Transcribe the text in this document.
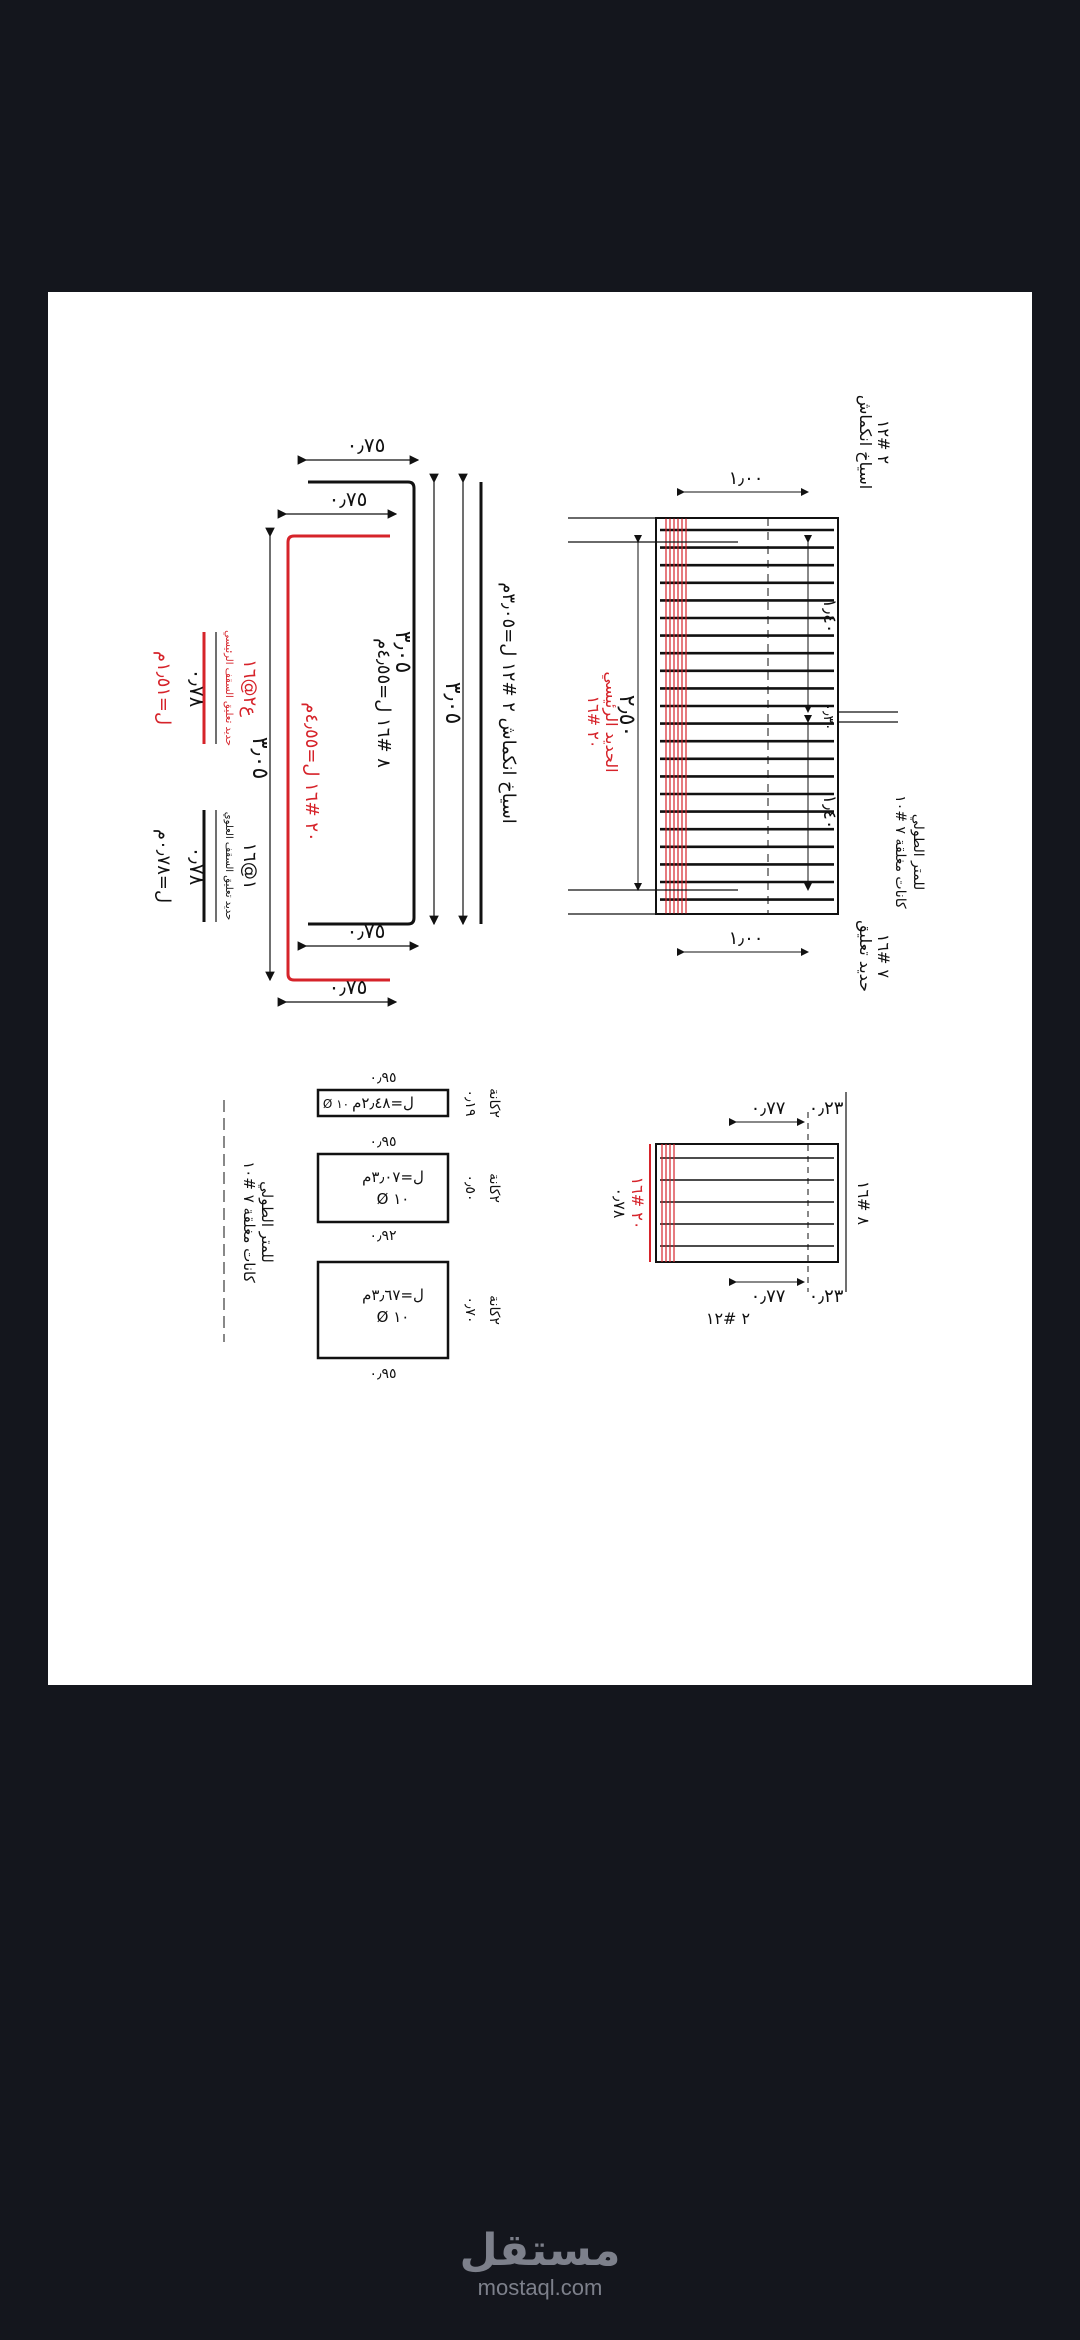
اسياخ انكماش ٢ #١٢ ل=٣٫٠٥م
٣٫٠٥
٠٫٧٥
٠٫٧٥
٨ #١٦ ل=٤٫٥٥م
٣٫٠٥
٠٫٧٥
٠٫٧٥
٢٠ #١٦ ل=٤٫٥٥م
٣٫٠٥
٠٫٧٨ حديد تعليق السقف الرئيسي ع٢@١٦
ل=١٫٥١م
٠٫٧٨ حديد تعليق السقف العلوي ١@١٦
ل=٠٫٧٨م
١٫٤٠
١٫٤٠
٠٫٣٠
٢٫٥٠
١٫٠٠
١٫٠٠
اسياخ انكماش ٢ #١٢
حديد تعليق ٧ #١٦
كانات مغلقة ٧ #١٠ للمتر الطولي
الحديد الرئيسي
٢٠ #١٦
٠٫٧٧ ٠٫٢٣
٠٫٧٧ ٠٫٢٣
٨ #١٦
٢٠ #١٦
٠٫٧٨
٢ #١٢
ل=٢٫٤٨م
Ø ١٠
٠٫٩٥
٠٫١٩ ٢كانة
ل=٣٫٠٧م
Ø ١٠
٠٫٩٥
٠٫٩٢
٠٫٥٠ ٢كانة
ل=٣٫٦٧م
Ø ١٠
٠٫٩٥
٠٫٧٠ ٢كانة
كانات مغلقة ٧ #١٠ للمتر الطولي
مستقل
mostaql.com
